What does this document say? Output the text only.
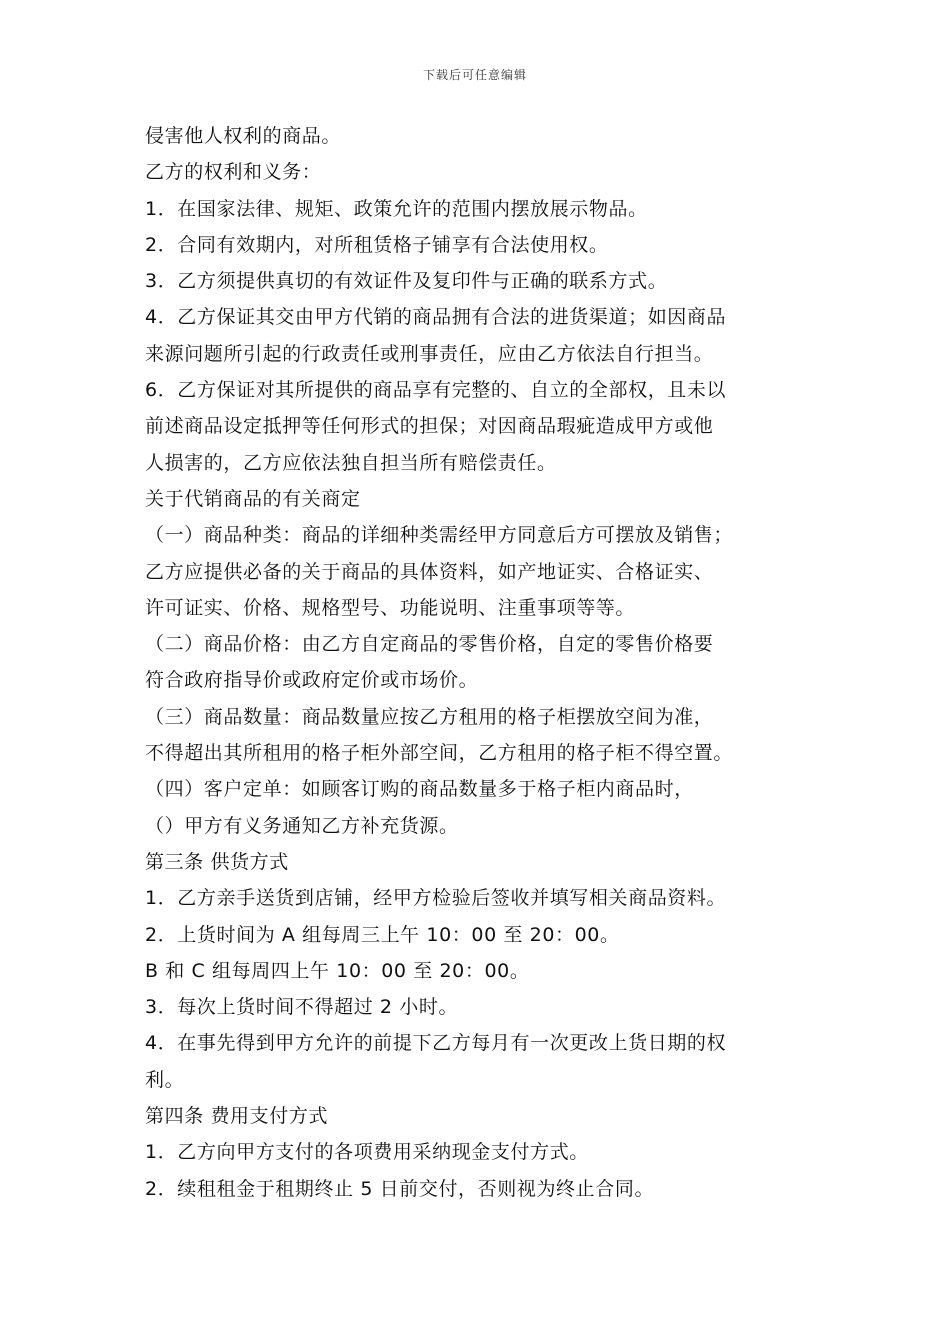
下载后可任意编辑
侵害他人权利的商品。
乙方的权利和义务：
1．在国家法律、规矩、政策允许的范围内摆放展示物品。
2．合同有效期内，对所租赁格子铺享有合法使用权。
3．乙方须提供真切的有效证件及复印件与正确的联系方式。
4．乙方保证其交由甲方代销的商品拥有合法的进货渠道；如因商品
来源问题所引起的行政责任或刑事责任，应由乙方依法自行担当。
6．乙方保证对其所提供的商品享有完整的、自立的全部权，且未以
前述商品设定抵押等任何形式的担保；对因商品瑕疵造成甲方或他
人损害的，乙方应依法独自担当所有赔偿责任。
关于代销商品的有关商定
（一）商品种类：商品的详细种类需经甲方同意后方可摆放及销售；
乙方应提供必备的关于商品的具体资料，如产地证实、合格证实、
许可证实、价格、规格型号、功能说明、注重事项等等。
（二）商品价格：由乙方自定商品的零售价格，自定的零售价格要
符合政府指导价或政府定价或市场价。
（三）商品数量：商品数量应按乙方租用的格子柜摆放空间为准，
不得超出其所租用的格子柜外部空间，乙方租用的格子柜不得空置。
（四）客户定单：如顾客订购的商品数量多于格子柜内商品时，
（）甲方有义务通知乙方补充货源。
第三条 供货方式
1．乙方亲手送货到店铺，经甲方检验后签收并填写相关商品资料。
2．上货时间为 A 组每周三上午 10：00 至 20：00。
B 和 C 组每周四上午 10：00 至 20：00。
3．每次上货时间不得超过 2 小时。
4．在事先得到甲方允许的前提下乙方每月有一次更改上货日期的权
利。
第四条 费用支付方式
1．乙方向甲方支付的各项费用采纳现金支付方式。
2．续租租金于租期终止 5 日前交付，否则视为终止合同。
